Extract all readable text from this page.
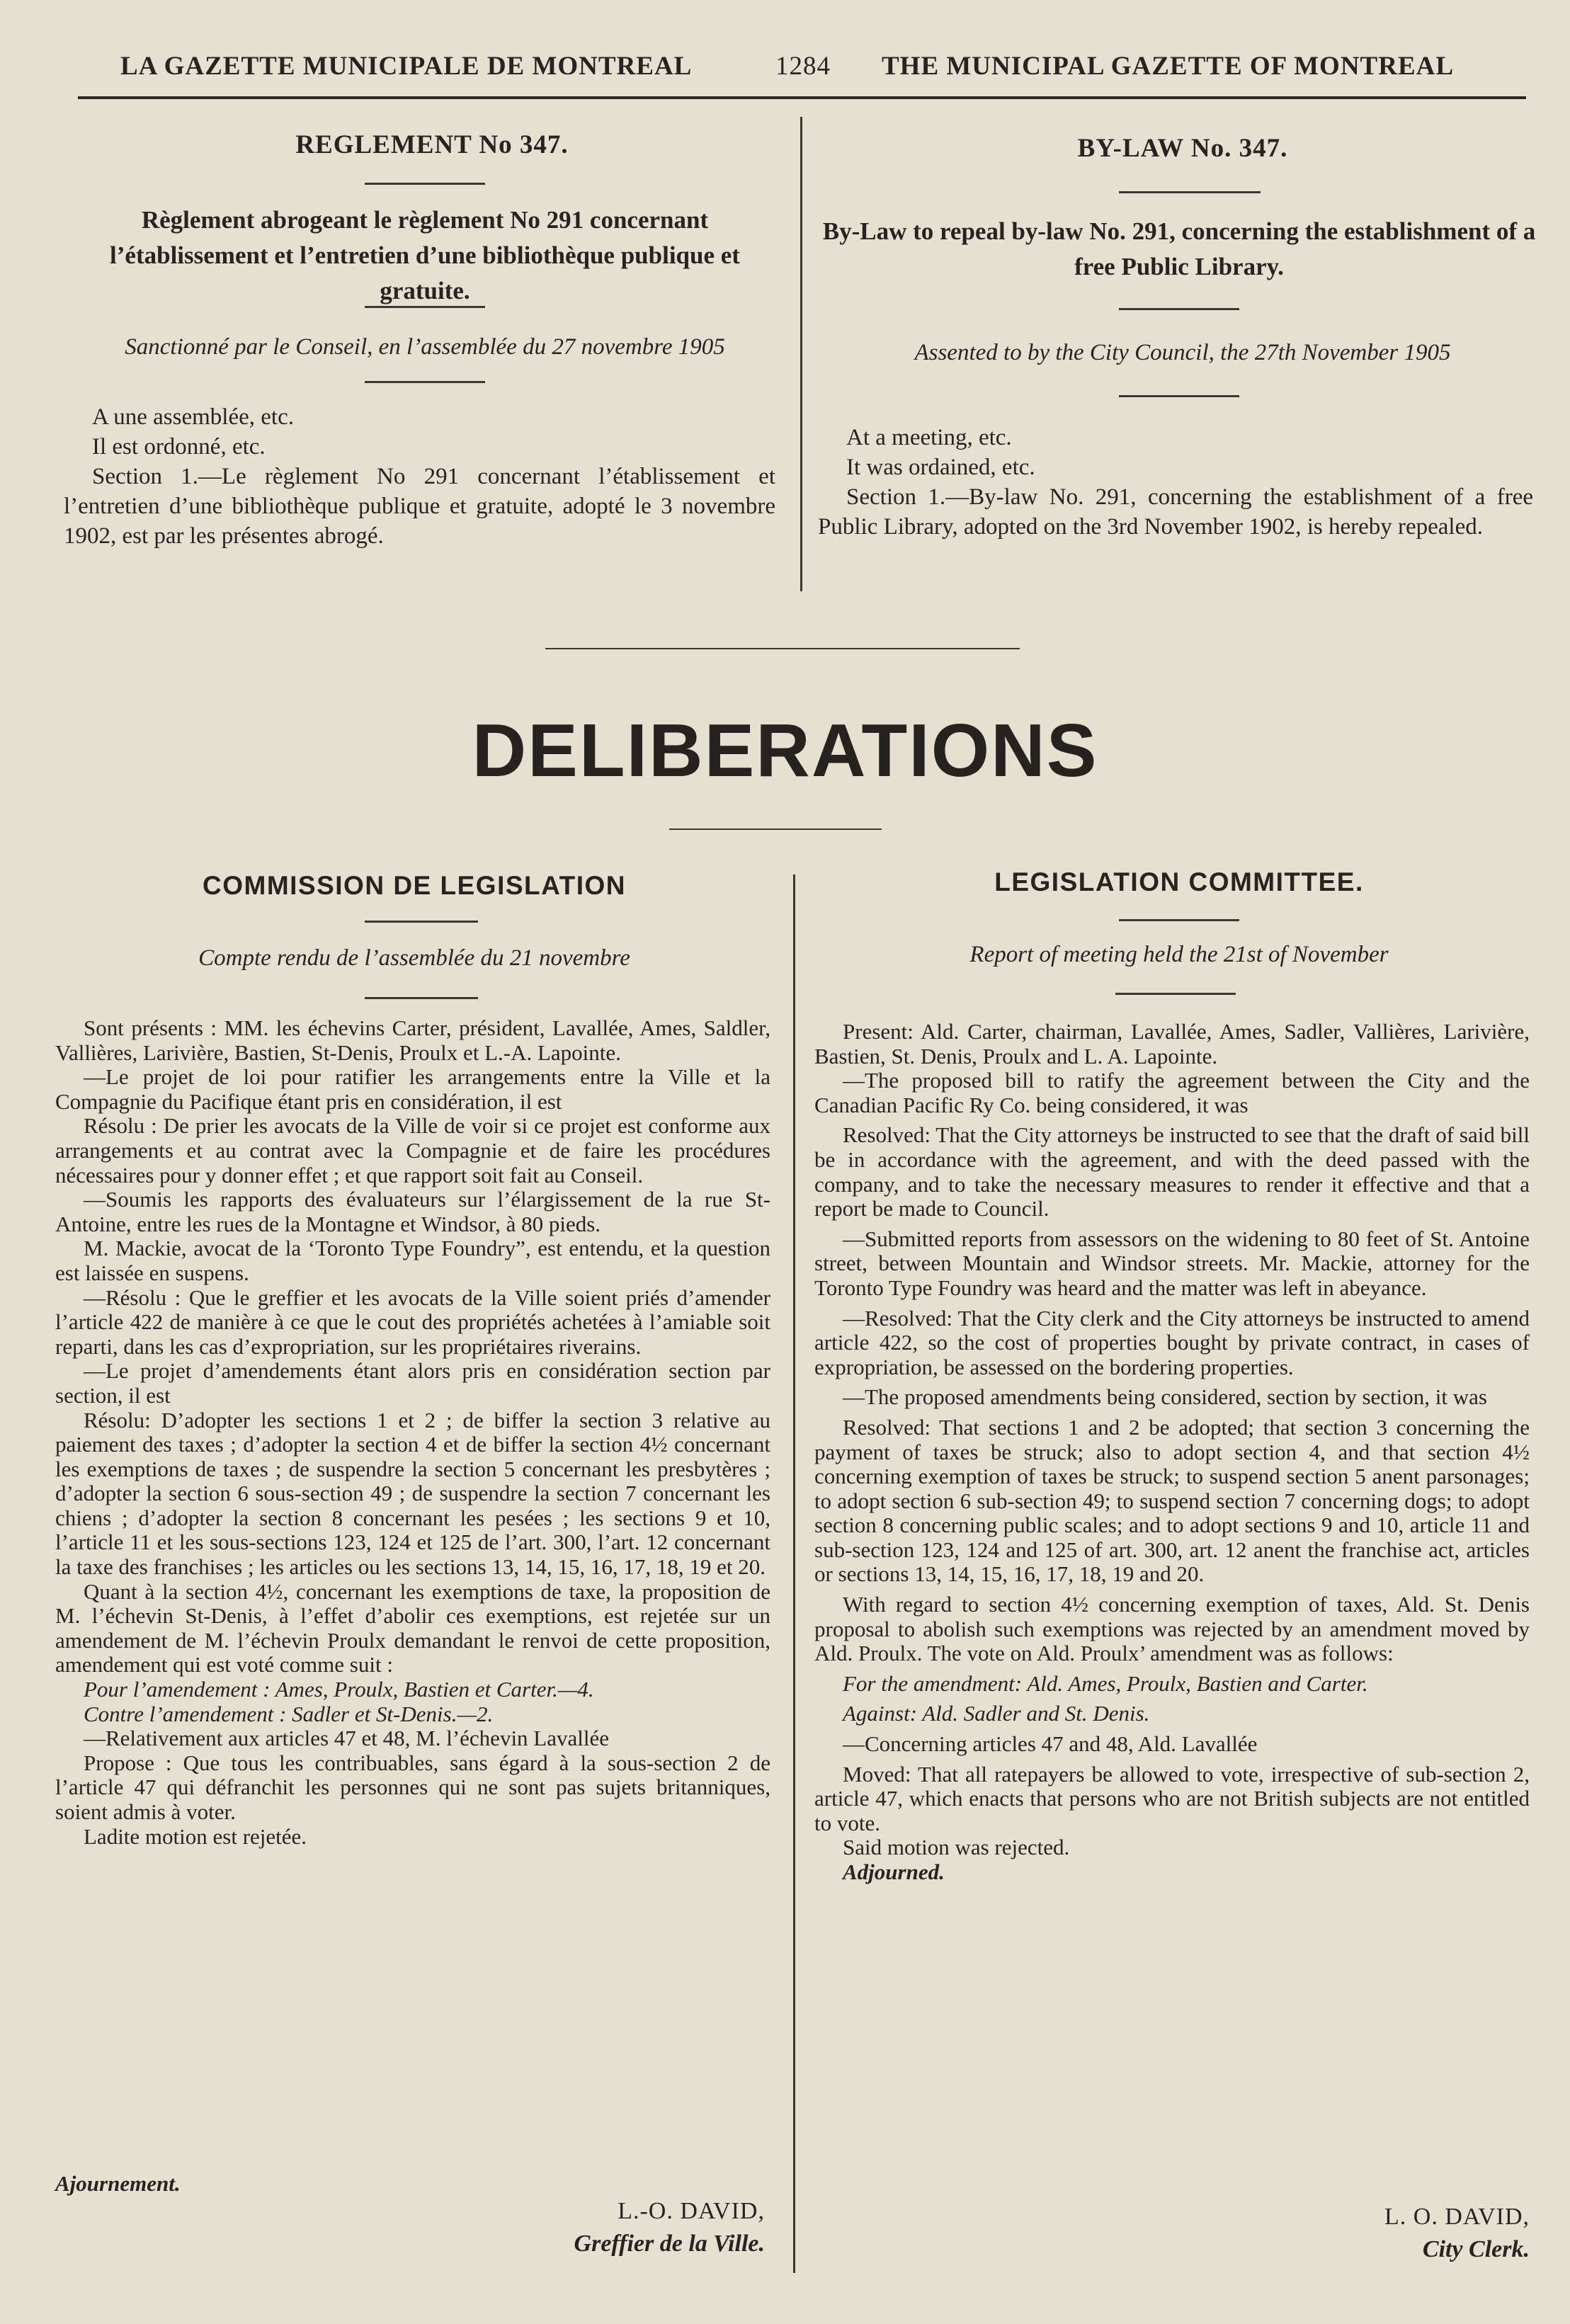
LA GAZETTE MUNICIPALE DE MONTREAL	1284 THE MUNICIPAL GAZETTE OF MONTREAL
REGLEMENT No 347.
Règlement abrogeant le règlement No 291 concernant l’établissement et l’entretien d’une bibliothèque publique et gratuite.
Sanctionné par le Conseil, en l’assemblée du 27 novembre 1905

A une assemblée, etc.

Il est ordonné, etc.

Section 1.—Le règlement No 291 concernant l’établissement et l’entretien d’une bibliothèque publique et gratuite, adopté le 3 novembre 1902, est par les présentes abrogé.

BY-LAW No. 347.
By-Law to repeal by-law No. 291, concerning the establishment of a free Public Library.
Assented to by the City Council, the 27th November 1905

At a meeting, etc.

It was ordained, etc.

Section 1.—By-law No. 291, concerning the establishment of a free Public Library, adopted on the 3rd November 1902, is hereby repealed.

DELIBERATIONS
COMMISSION DE LEGISLATION
Compte rendu de l’assemblée du 21 novembre

Sont présents : MM. les échevins Carter, président, Lavallée, Ames, Saldler, Vallières, Larivière, Bastien, St-Denis, Proulx et L.-A. Lapointe.

—Le projet de loi pour ratifier les arrangements entre la Ville et la Compagnie du Pacifique étant pris en considération, il est

Résolu : De prier les avocats de la Ville de voir si ce projet est conforme aux arrangements et au contrat avec la Compagnie et de faire les procédures nécessaires pour y donner effet ; et que rapport soit fait au Conseil.

—Soumis les rapports des évaluateurs sur l’élargissement de la rue St-Antoine, entre les rues de la Montagne et Windsor, à 80 pieds.

M. Mackie, avocat de la ‘Toronto Type Foundry”, est entendu, et la question est laissée en suspens.

—Résolu : Que le greffier et les avocats de la Ville soient priés d’amender l’article 422 de manière à ce que le cout des propriétés achetées à l’amiable soit reparti, dans les cas d’expropriation, sur les propriétaires riverains.

—Le projet d’amendements étant alors pris en considération section par section, il est

Résolu: D’adopter les sections 1 et 2 ; de biffer la section 3 relative au paiement des taxes ; d’adopter la section 4 et de biffer la section 4½ concernant les exemptions de taxes ; de suspendre la section 5 concernant les presbytères ; d’adopter la section 6 sous-section 49 ; de suspendre la section 7 concernant les chiens ; d’adopter la section 8 concernant les pesées ; les sections 9 et 10, l’article 11 et les sous-sections 123, 124 et 125 de l’art. 300, l’art. 12 concernant la taxe des franchises ; les articles ou les sections 13, 14, 15, 16, 17, 18, 19 et 20.

Quant à la section 4½, concernant les exemptions de taxe, la proposition de M. l’échevin St-Denis, à l’effet d’abolir ces exemptions, est rejetée sur un amendement de M. l’échevin Proulx demandant le renvoi de cette proposition, amendement qui est voté comme suit :

Pour l’amendement : Ames, Proulx, Bastien et Carter.—4.

Contre l’amendement : Sadler et St-Denis.—2.

—Relativement aux articles 47 et 48, M. l’échevin Lavallée

Propose : Que tous les contribuables, sans égard à la sous-section 2 de l’article 47 qui défranchit les personnes qui ne sont pas sujets britanniques, soient admis à voter.

Ladite motion est rejetée.

Ajournement.
L.-O. DAVID,
Greffier de la Ville.
LEGISLATION COMMITTEE.
Report of meeting held the 21st of November

Present: Ald. Carter, chairman, Lavallée, Ames, Sadler, Vallières, Larivière, Bastien, St. Denis, Proulx and L. A. Lapointe.

—The proposed bill to ratify the agreement between the City and the Canadian Pacific Ry Co. being considered, it was

Resolved: That the City attorneys be instructed to see that the draft of said bill be in accordance with the agreement, and with the deed passed with the company, and to take the necessary measures to render it effective and that a report be made to Council.

—Submitted reports from assessors on the widening to 80 feet of St. Antoine street, between Mountain and Windsor streets. Mr. Mackie, attorney for the Toronto Type Foundry was heard and the matter was left in abeyance.

—Resolved: That the City clerk and the City attorneys be instructed to amend article 422, so the cost of properties bought by private contract, in cases of expropriation, be assessed on the bordering properties.

—The proposed amendments being considered, section by section, it was

Resolved: That sections 1 and 2 be adopted; that section 3 concerning the payment of taxes be struck; also to adopt section 4, and that section 4½ concerning exemption of taxes be struck; to suspend section 5 anent parsonages; to adopt section 6 sub-section 49; to suspend section 7 concerning dogs; to adopt section 8 concerning public scales; and to adopt sections 9 and 10, article 11 and sub-section 123, 124 and 125 of art. 300, art. 12 anent the franchise act, articles or sections 13, 14, 15, 16, 17, 18, 19 and 20.

With regard to section 4½ concerning exemption of taxes, Ald. St. Denis proposal to abolish such exemptions was rejected by an amendment moved by Ald. Proulx. The vote on Ald. Proulx’ amendment was as follows:

For the amendment: Ald. Ames, Proulx, Bastien and Carter.

Against: Ald. Sadler and St. Denis.

—Concerning articles 47 and 48, Ald. Lavallée

Moved: That all ratepayers be allowed to vote, irrespective of sub-section 2, article 47, which enacts that persons who are not British subjects are not entitled to vote.

Said motion was rejected.

Adjourned.

L. O. DAVID,
City Clerk.
